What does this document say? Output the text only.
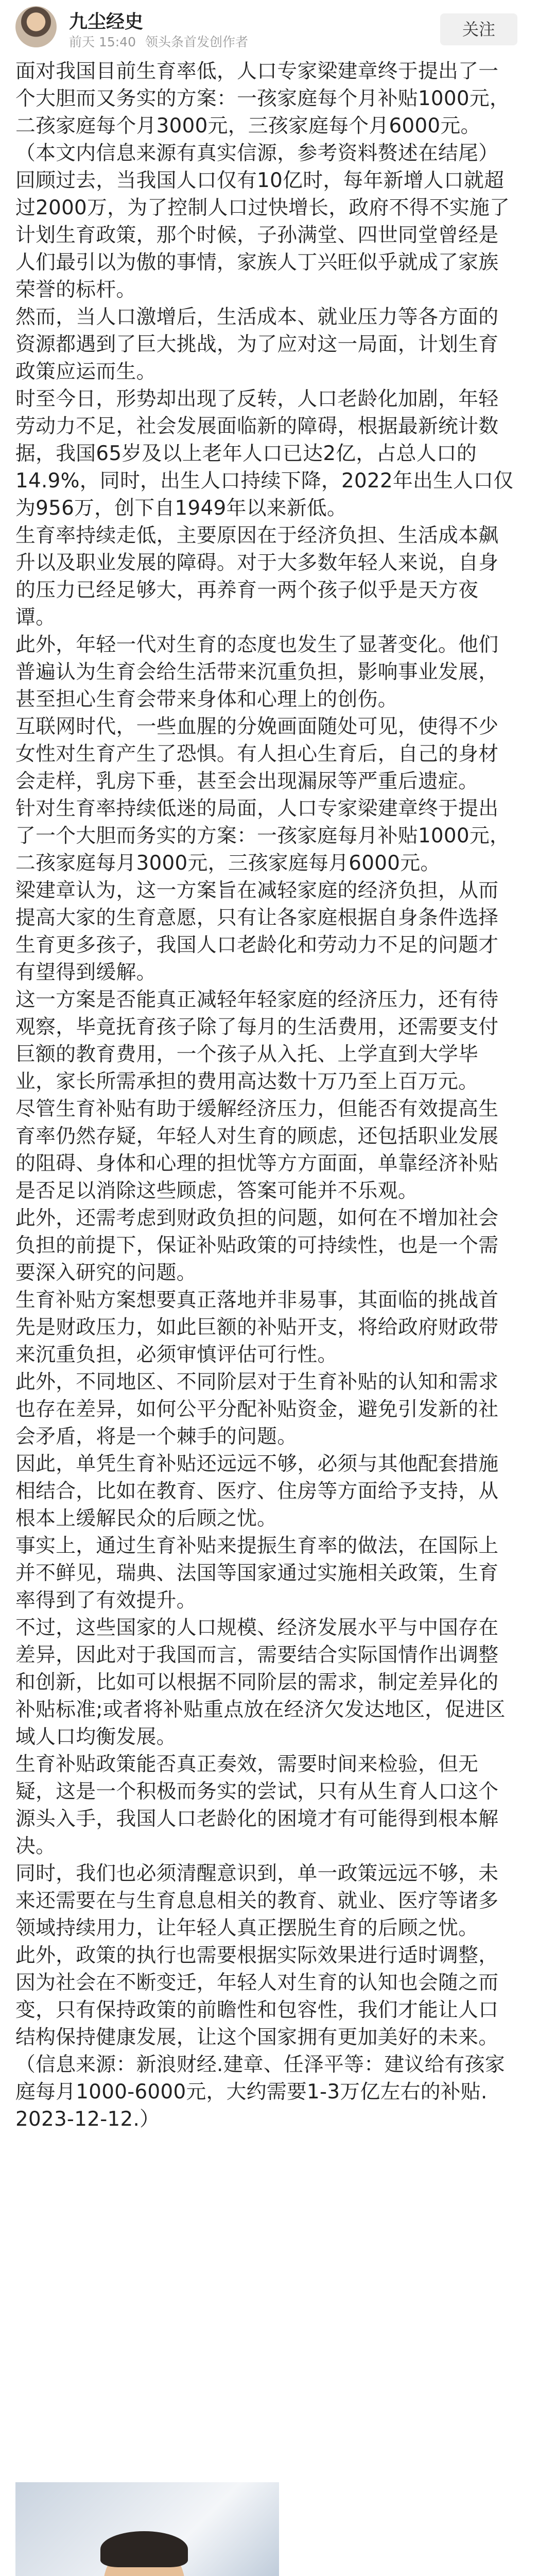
九尘经史
前天 15:40 领头条首发创作者
关注

面对我国目前生育率低，人口专家梁建章终于提出了一
个大胆而又务实的方案：一孩家庭每个月补贴1000元，
二孩家庭每个月3000元，三孩家庭每个月6000元。

（本文内信息来源有真实信源，参考资料赘述在结尾）

回顾过去，当我国人口仅有10亿时，每年新增人口就超
过2000万，为了控制人口过快增长，政府不得不实施了
计划生育政策，那个时候，子孙满堂、四世同堂曾经是
人们最引以为傲的事情，家族人丁兴旺似乎就成了家族
荣誉的标杆。

然而，当人口激增后，生活成本、就业压力等各方面的
资源都遇到了巨大挑战，为了应对这一局面，计划生育
政策应运而生。

时至今日，形势却出现了反转，人口老龄化加剧，年轻
劳动力不足，社会发展面临新的障碍，根据最新统计数
据，我国65岁及以上老年人口已达2亿，占总人口的
14.9%，同时，出生人口持续下降，2022年出生人口仅
为956万，创下自1949年以来新低。

生育率持续走低，主要原因在于经济负担、生活成本飙
升以及职业发展的障碍。对于大多数年轻人来说，自身
的压力已经足够大，再养育一两个孩子似乎是天方夜
谭。

此外，年轻一代对生育的态度也发生了显著变化。他们
普遍认为生育会给生活带来沉重负担，影响事业发展，
甚至担心生育会带来身体和心理上的创伤。

互联网时代，一些血腥的分娩画面随处可见，使得不少
女性对生育产生了恐惧。有人担心生育后，自己的身材
会走样，乳房下垂，甚至会出现漏尿等严重后遗症。

针对生育率持续低迷的局面，人口专家梁建章终于提出
了一个大胆而务实的方案：一孩家庭每月补贴1000元，
二孩家庭每月3000元，三孩家庭每月6000元。

梁建章认为，这一方案旨在减轻家庭的经济负担，从而
提高大家的生育意愿，只有让各家庭根据自身条件选择
生育更多孩子，我国人口老龄化和劳动力不足的问题才
有望得到缓解。

这一方案是否能真正减轻年轻家庭的经济压力，还有待
观察，毕竟抚育孩子除了每月的生活费用，还需要支付
巨额的教育费用，一个孩子从入托、上学直到大学毕
业，家长所需承担的费用高达数十万乃至上百万元。

尽管生育补贴有助于缓解经济压力，但能否有效提高生
育率仍然存疑，年轻人对生育的顾虑，还包括职业发展
的阻碍、身体和心理的担忧等方方面面，单靠经济补贴
是否足以消除这些顾虑，答案可能并不乐观。

此外，还需考虑到财政负担的问题，如何在不增加社会
负担的前提下，保证补贴政策的可持续性，也是一个需
要深入研究的问题。

生育补贴方案想要真正落地并非易事，其面临的挑战首
先是财政压力，如此巨额的补贴开支，将给政府财政带
来沉重负担，必须审慎评估可行性。

此外，不同地区、不同阶层对于生育补贴的认知和需求
也存在差异，如何公平分配补贴资金，避免引发新的社
会矛盾，将是一个棘手的问题。

因此，单凭生育补贴还远远不够，必须与其他配套措施
相结合，比如在教育、医疗、住房等方面给予支持，从
根本上缓解民众的后顾之忧。

事实上，通过生育补贴来提振生育率的做法，在国际上
并不鲜见，瑞典、法国等国家通过实施相关政策，生育
率得到了有效提升。

不过，这些国家的人口规模、经济发展水平与中国存在
差异，因此对于我国而言，需要结合实际国情作出调整
和创新，比如可以根据不同阶层的需求，制定差异化的
补贴标准;或者将补贴重点放在经济欠发达地区，促进区
域人口均衡发展。

生育补贴政策能否真正奏效，需要时间来检验，但无
疑，这是一个积极而务实的尝试，只有从生育人口这个
源头入手，我国人口老龄化的困境才有可能得到根本解
决。

同时，我们也必须清醒意识到，单一政策远远不够，未
来还需要在与生育息息相关的教育、就业、医疗等诸多
领域持续用力，让年轻人真正摆脱生育的后顾之忧。

此外，政策的执行也需要根据实际效果进行适时调整，
因为社会在不断变迁，年轻人对生育的认知也会随之而
变，只有保持政策的前瞻性和包容性，我们才能让人口
结构保持健康发展，让这个国家拥有更加美好的未来。

（信息来源：新浪财经.建章、任泽平等：建议给有孩家
庭每月1000-6000元，大约需要1-3万亿左右的补贴.
2023-12-12.）
